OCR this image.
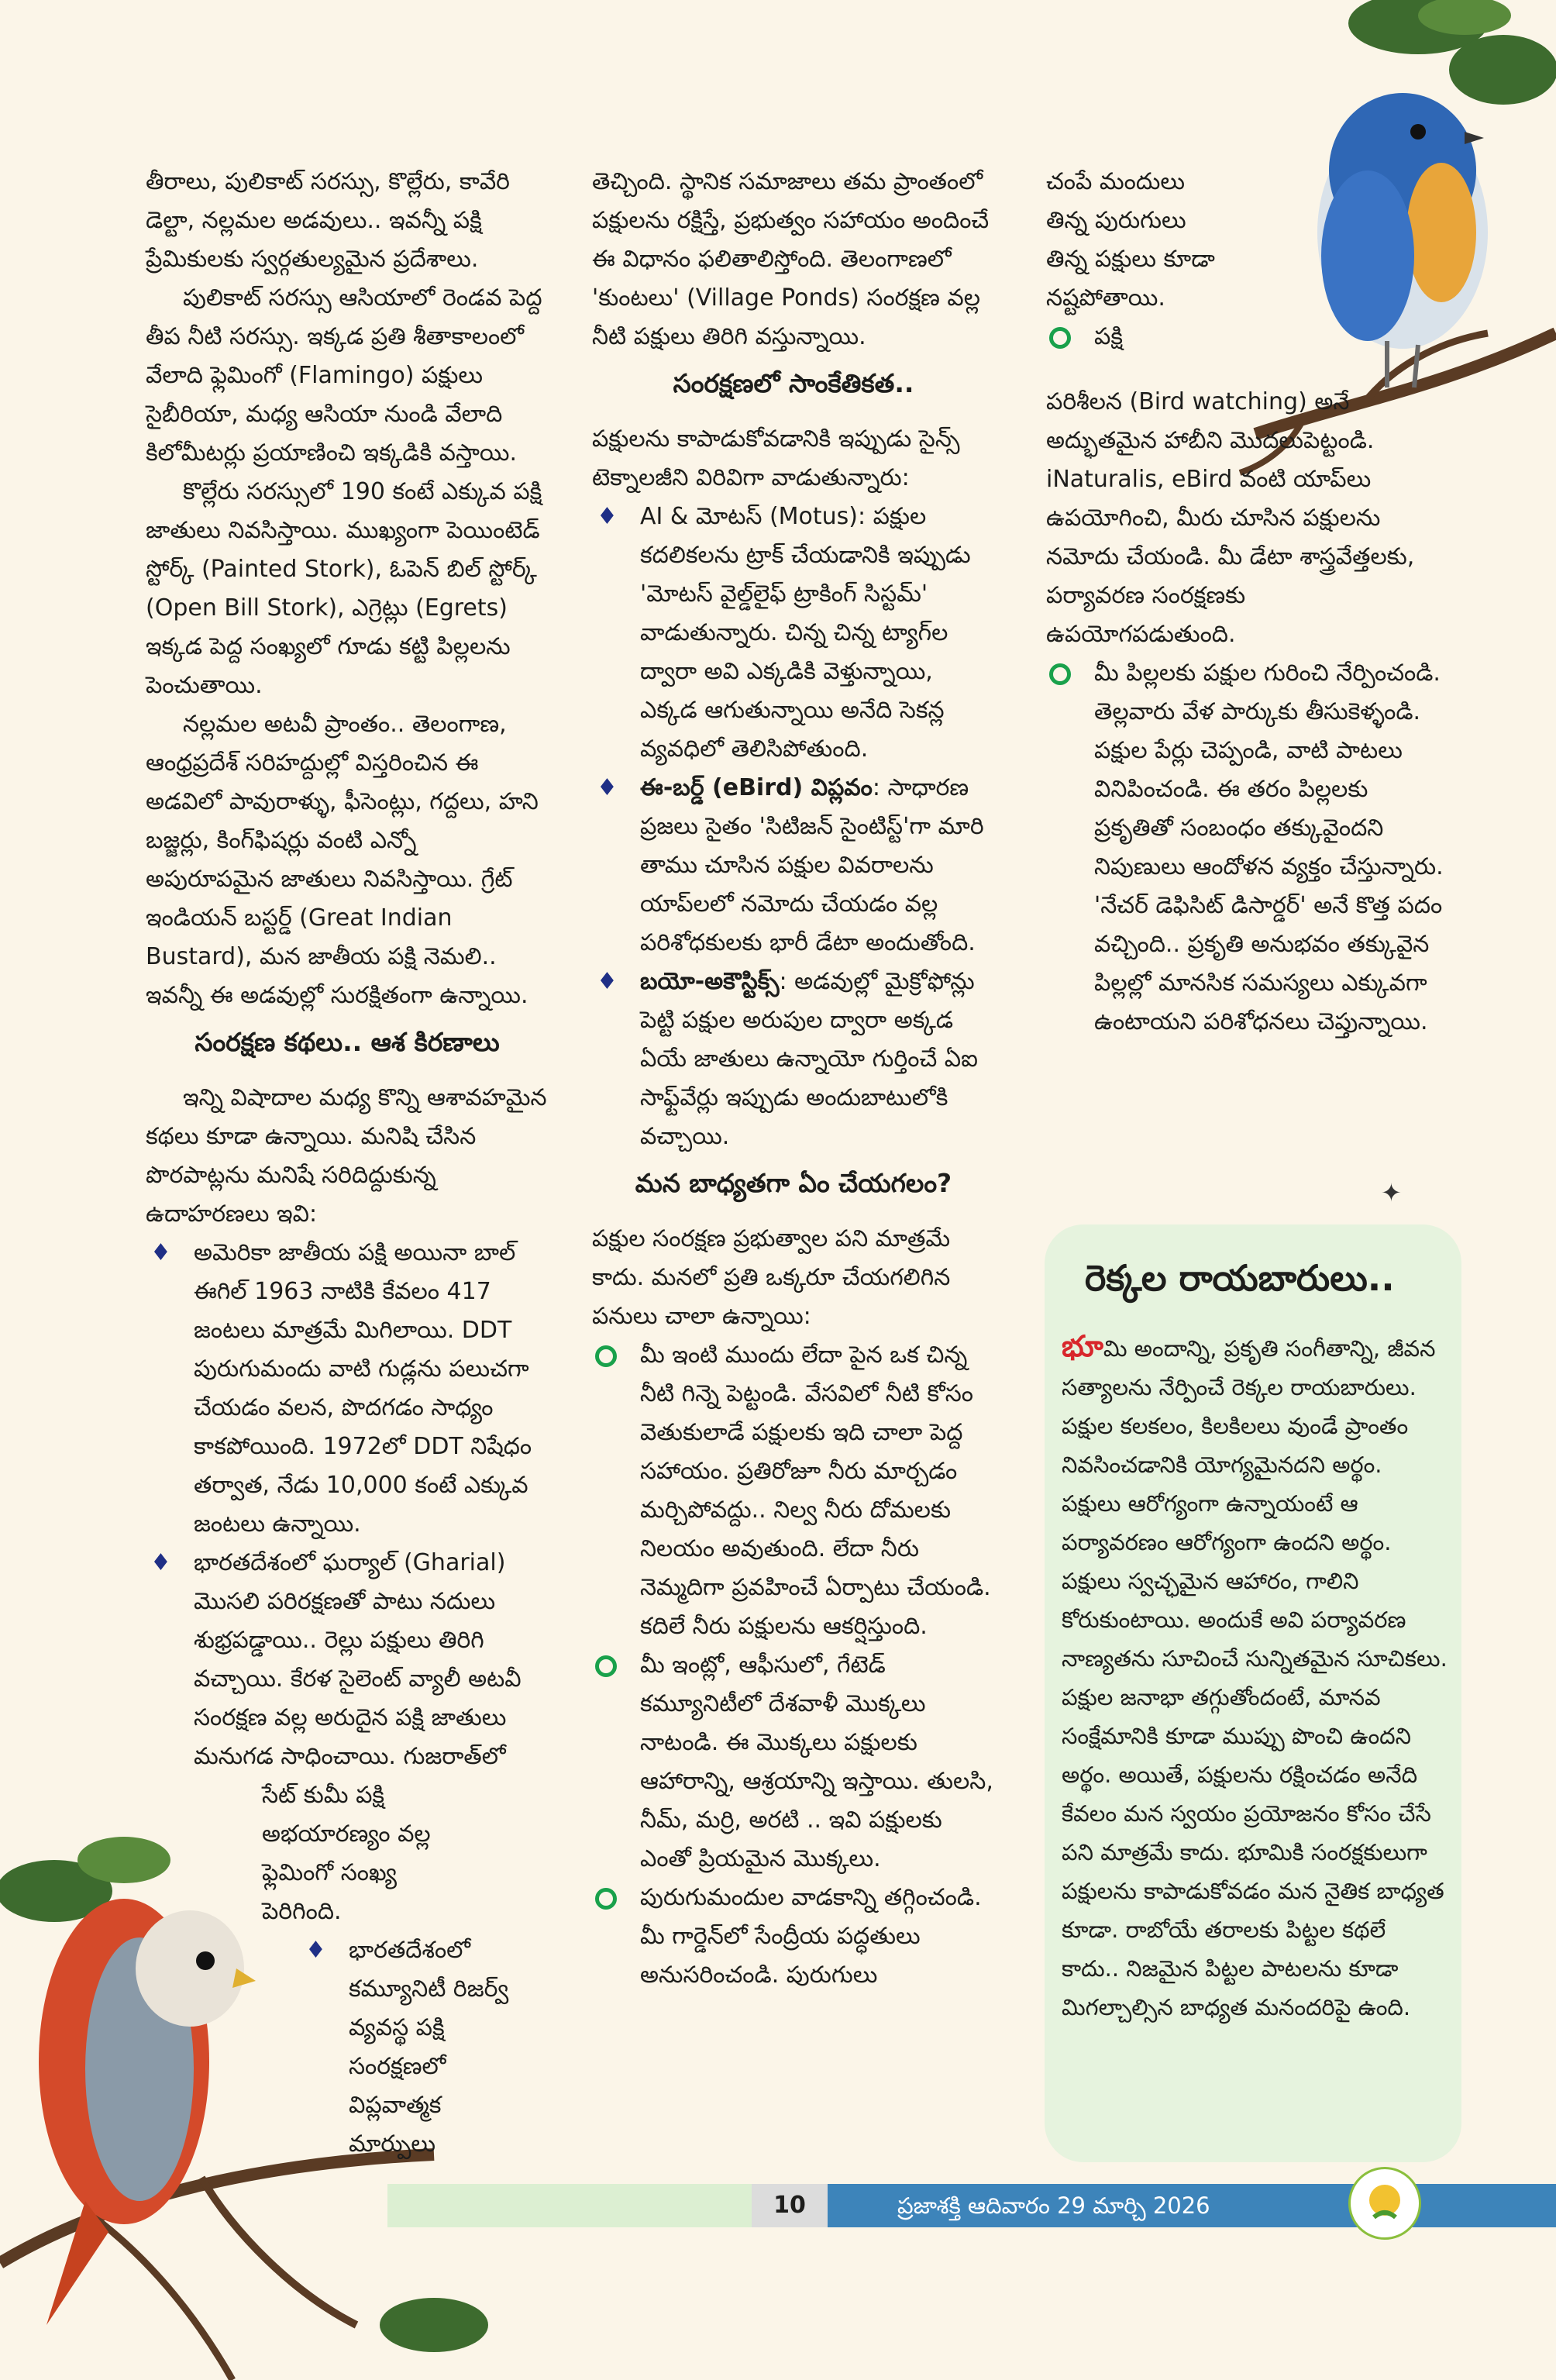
తీరాలు, పులికాట్ సరస్సు, కొల్లేరు, కావేరి డెల్టా, నల్లమల అడవులు.. ఇవన్నీ పక్షి ప్రేమికులకు స్వర్గతుల్యమైన ప్రదేశాలు.

పులికాట్ సరస్సు ఆసియాలో రెండవ పెద్ద తీప నీటి సరస్సు. ఇక్కడ ప్రతి శీతాకాలంలో వేలాది ఫ్లెమింగో (Flamingo) పక్షులు సైబీరియా, మధ్య ఆసియా నుండి వేలాది కిలోమీటర్లు ప్రయాణించి ఇక్కడికి వస్తాయి.

కొల్లేరు సరస్సులో 190 కంటే ఎక్కువ పక్షి జాతులు నివసిస్తాయి. ముఖ్యంగా పెయింటెడ్ స్టోర్క్ (Painted Stork), ఓపెన్ బిల్ స్టోర్క్ (Open Bill Stork), ఎగ్రెట్లు (Egrets) ఇక్కడ పెద్ద సంఖ్యలో గూడు కట్టి పిల్లలను పెంచుతాయి.

నల్లమల అటవీ ప్రాంతం.. తెలంగాణ, ఆంధ్రప్రదేశ్ సరిహద్దుల్లో విస్తరించిన ఈ అడవిలో పావురాళ్ళు, ఫీసెంట్లు, గద్దలు, హని బజ్జర్లు, కింగ్‌ఫిషర్లు వంటి ఎన్నో అపురూపమైన జాతులు నివసిస్తాయి. గ్రేట్ ఇండియన్ బస్టర్డ్ (Great Indian Bustard), మన జాతీయ పక్షి నెమలి.. ఇవన్నీ ఈ అడవుల్లో సురక్షితంగా ఉన్నాయి.

సంరక్షణ కథలు.. ఆశ కిరణాలు

ఇన్ని విషాదాల మధ్య కొన్ని ఆశావహమైన కథలు కూడా ఉన్నాయి. మనిషి చేసిన పొరపాట్లను మనిషే సరిదిద్దుకున్న ఉదాహరణలు ఇవి:

♦ అమెరికా జాతీయ పక్షి అయినా బాల్ ఈగిల్ 1963 నాటికి కేవలం 417 జంటలు మాత్రమే మిగిలాయి. DDT పురుగుమందు వాటి గుడ్లను పలుచగా చేయడం వలన, పొదగడం సాధ్యం కాకపోయింది. 1972లో DDT నిషేధం తర్వాత, నేడు 10,000 కంటే ఎక్కువ జంటలు ఉన్నాయి.
♦ భారతదేశంలో ఘర్యాల్ (Gharial) మొసలి పరిరక్షణతో పాటు నదులు శుభ్రపడ్డాయి.. రెల్లు పక్షులు తిరిగి వచ్చాయి. కేరళ సైలెంట్ వ్యాలీ అటవీ సంరక్షణ వల్ల అరుదైన పక్షి జాతులు మనుగడ సాధించాయి. గుజరాత్‌లో

సేట్ కుమీ పక్షి అభయారణ్యం వల్ల ఫ్లెమింగో సంఖ్య పెరిగింది.

♦ భారతదేశంలో కమ్యూనిటీ రిజర్వ్ వ్యవస్థ పక్షి సంరక్షణలో విప్లవాత్మక మార్పులు

తెచ్చింది. స్థానిక సమాజాలు తమ ప్రాంతంలో పక్షులను రక్షిస్తే, ప్రభుత్వం సహాయం అందించే ఈ విధానం ఫలితాలిస్తోంది. తెలంగాణలో 'కుంటలు' (Village Ponds) సంరక్షణ వల్ల నీటి పక్షులు తిరిగి వస్తున్నాయి.

సంరక్షణలో సాంకేతికత..

పక్షులను కాపాడుకోవడానికి ఇప్పుడు సైన్స్ టెక్నాలజీని విరివిగా వాడుతున్నారు:

♦ AI & మోటస్ (Motus): పక్షుల కదలికలను ట్రాక్ చేయడానికి ఇప్పుడు 'మోటస్ వైల్డ్‌లైఫ్ ట్రాకింగ్ సిస్టమ్' వాడుతున్నారు. చిన్న చిన్న ట్యాగ్‌ల ద్వారా అవి ఎక్కడికి వెళ్తున్నాయి, ఎక్కడ ఆగుతున్నాయి అనేది సెకన్ల వ్యవధిలో తెలిసిపోతుంది.
♦ ఈ-బర్డ్ (eBird) విప్లవం: సాధారణ ప్రజలు సైతం 'సిటిజన్ సైంటిస్ట్'గా మారి తాము చూసిన పక్షుల వివరాలను యాప్‌లలో నమోదు చేయడం వల్ల పరిశోధకులకు భారీ డేటా అందుతోంది.
♦ బయో-అకౌస్టిక్స్: అడవుల్లో మైక్రోఫోన్లు పెట్టి పక్షుల అరుపుల ద్వారా అక్కడ ఏయే జాతులు ఉన్నాయో గుర్తించే ఏఐ సాఫ్ట్‌వేర్లు ఇప్పుడు అందుబాటులోకి వచ్చాయి.

మన బాధ్యతగా ఏం చేయగలం?

పక్షుల సంరక్షణ ప్రభుత్వాల పని మాత్రమే కాదు. మనలో ప్రతి ఒక్కరూ చేయగలిగిన పనులు చాలా ఉన్నాయి:

మీ ఇంటి ముందు లేదా పైన ఒక చిన్న నీటి గిన్నె పెట్టండి. వేసవిలో నీటి కోసం వెతుకులాడే పక్షులకు ఇది చాలా పెద్ద సహాయం. ప్రతిరోజూ నీరు మార్చడం మర్చిపోవద్దు.. నిల్వ నీరు దోమలకు నిలయం అవుతుంది. లేదా నీరు నెమ్మదిగా ప్రవహించే ఏర్పాటు చేయండి. కదిలే నీరు పక్షులను ఆకర్షిస్తుంది.
మీ ఇంట్లో, ఆఫీసులో, గేటెడ్ కమ్యూనిటీలో దేశవాళీ మొక్కలు నాటండి. ఈ మొక్కలు పక్షులకు ఆహారాన్ని, ఆశ్రయాన్ని ఇస్తాయి. తులసి, నీమ్, మర్రి, అరటి .. ఇవి పక్షులకు ఎంతో ప్రియమైన మొక్కలు.
పురుగుమందుల వాడకాన్ని తగ్గించండి. మీ గార్డెన్‌లో సేంద్రీయ పద్ధతులు అనుసరించండి. పురుగులు

చంపే మందులు తిన్న పురుగులు తిన్న పక్షులు కూడా నష్టపోతాయి.

పక్షి

పరిశీలన (Bird watching) అనే అద్భుతమైన హాబీని మొదలుపెట్టండి. iNaturalis, eBird వంటి యాప్‌లు ఉపయోగించి, మీరు చూసిన పక్షులను నమోదు చేయండి. మీ డేటా శాస్త్రవేత్తలకు, పర్యావరణ సంరక్షణకు ఉపయోగపడుతుంది.

మీ పిల్లలకు పక్షుల గురించి నేర్పించండి. తెల్లవారు వేళ పార్కుకు తీసుకెళ్ళండి. పక్షుల పేర్లు చెప్పండి, వాటి పాటలు వినిపించండి. ఈ తరం పిల్లలకు ప్రకృతితో సంబంధం తక్కువైందని నిపుణులు ఆందోళన వ్యక్తం చేస్తున్నారు. 'నేచర్ డెఫిసిట్ డిసార్డర్' అనే కొత్త పదం వచ్చింది.. ప్రకృతి అనుభవం తక్కువైన పిల్లల్లో మానసిక సమస్యలు ఎక్కువగా ఉంటాయని పరిశోధనలు చెప్తున్నాయి.
✦
రెక్కల రాయబారులు..

భూమి అందాన్ని, ప్రకృతి సంగీతాన్ని, జీవన సత్యాలను నేర్పించే రెక్కల రాయబారులు. పక్షుల కలకలం, కిలకిలలు వుండే ప్రాంతం నివసించడానికి యోగ్యమైనదని అర్థం. పక్షులు ఆరోగ్యంగా ఉన్నాయంటే ఆ పర్యావరణం ఆరోగ్యంగా ఉందని అర్థం. పక్షులు స్వచ్ఛమైన ఆహారం, గాలిని కోరుకుంటాయి. అందుకే అవి పర్యావరణ నాణ్యతను సూచించే సున్నితమైన సూచికలు. పక్షుల జనాభా తగ్గుతోందంటే, మానవ సంక్షేమానికి కూడా ముప్పు పొంచి ఉందని అర్థం. అయితే, పక్షులను రక్షించడం అనేది కేవలం మన స్వయం ప్రయోజనం కోసం చేసే పని మాత్రమే కాదు. భూమికి సంరక్షకులుగా పక్షులను కాపాడుకోవడం మన నైతిక బాధ్యత కూడా. రాబోయే తరాలకు పిట్టల కథలే కాదు.. నిజమైన పిట్టల పాటలను కూడా మిగల్చాల్సిన బాధ్యత మనందరిపై ఉంది.

10	ప్రజాశక్తి ఆదివారం 29 మార్చి 2026
